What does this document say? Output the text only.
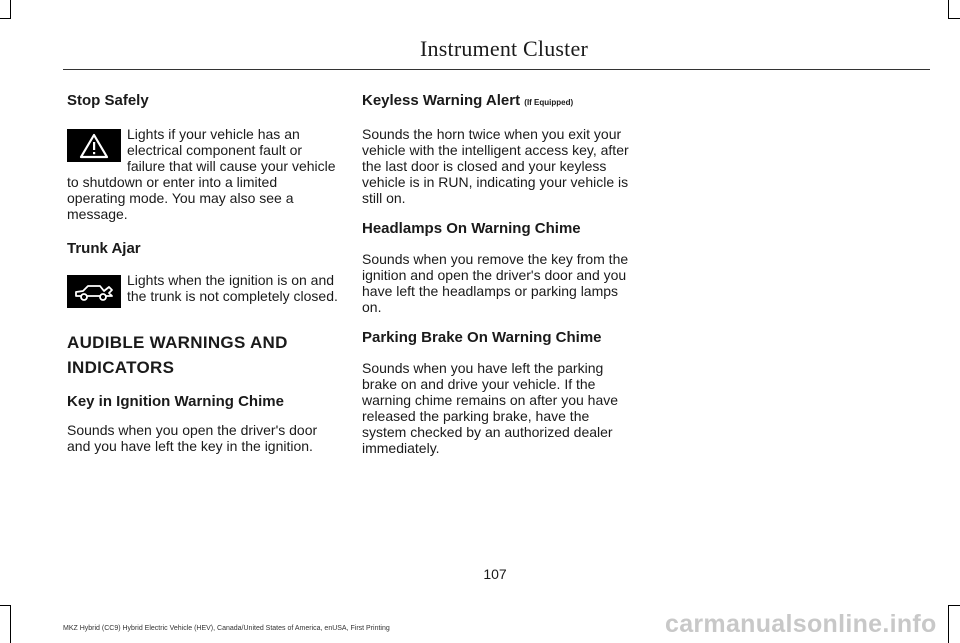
Instrument Cluster
Stop Safely

Lights if your vehicle has an electrical component fault or failure that will cause your vehicle to shutdown or enter into a limited operating mode. You may also see a message.

Trunk Ajar

Lights when the ignition is on and the trunk is not completely closed.

AUDIBLE WARNINGS AND
INDICATORS
Key in Ignition Warning Chime

Sounds when you open the driver's door and you have left the key in the ignition.

Keyless Warning Alert (If Equipped)

Sounds the horn twice when you exit your vehicle with the intelligent access key, after the last door is closed and your keyless vehicle is in RUN, indicating your vehicle is still on.

Headlamps On Warning Chime

Sounds when you remove the key from the ignition and open the driver's door and you have left the headlamps or parking lamps on.

Parking Brake On Warning Chime

Sounds when you have left the parking brake on and drive your vehicle. If the warning chime remains on after you have released the parking brake, have the system checked by an authorized dealer immediately.

107
MKZ Hybrid (CC9) Hybrid Electric Vehicle (HEV), Canada/United States of America, enUSA, First Printing	carmanualsonline.info
